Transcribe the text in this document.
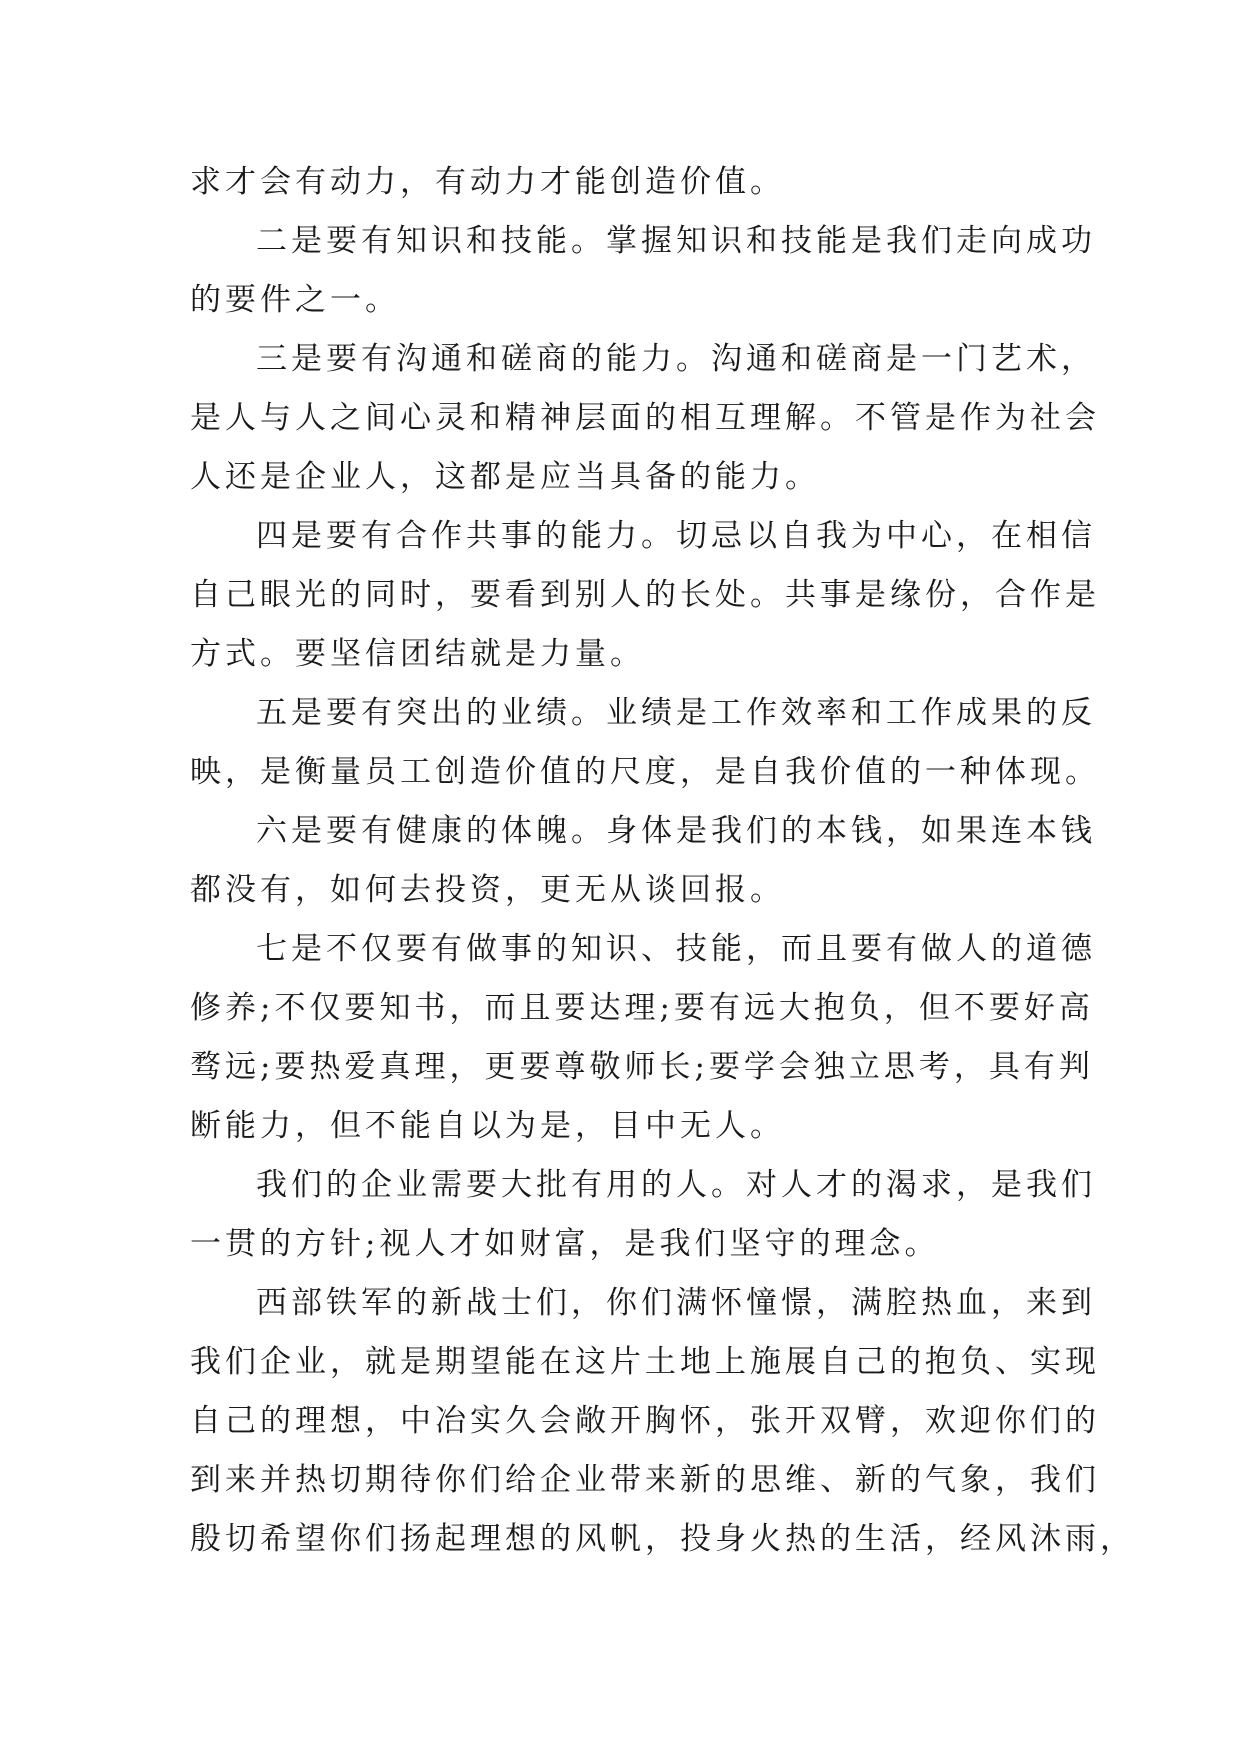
求才会有动力，有动力才能创造价值。
二是要有知识和技能。掌握知识和技能是我们走向成功
的要件之一。
三是要有沟通和磋商的能力。沟通和磋商是一门艺术，
是人与人之间心灵和精神层面的相互理解。不管是作为社会
人还是企业人，这都是应当具备的能力。
四是要有合作共事的能力。切忌以自我为中心，在相信
自己眼光的同时，要看到别人的长处。共事是缘份，合作是
方式。要坚信团结就是力量。
五是要有突出的业绩。业绩是工作效率和工作成果的反
映，是衡量员工创造价值的尺度，是自我价值的一种体现。
六是要有健康的体魄。身体是我们的本钱，如果连本钱
都没有，如何去投资，更无从谈回报。
七是不仅要有做事的知识、技能，而且要有做人的道德
修养;不仅要知书，而且要达理;要有远大抱负，但不要好高
骛远;要热爱真理，更要尊敬师长;要学会独立思考，具有判
断能力，但不能自以为是，目中无人。
我们的企业需要大批有用的人。对人才的渴求，是我们
一贯的方针;视人才如财富，是我们坚守的理念。
西部铁军的新战士们，你们满怀憧憬，满腔热血，来到
我们企业，就是期望能在这片土地上施展自己的抱负、实现
自己的理想，中冶实久会敞开胸怀，张开双臂，欢迎你们的
到来并热切期待你们给企业带来新的思维、新的气象，我们
殷切希望你们扬起理想的风帆，投身火热的生活，经风沐雨，
